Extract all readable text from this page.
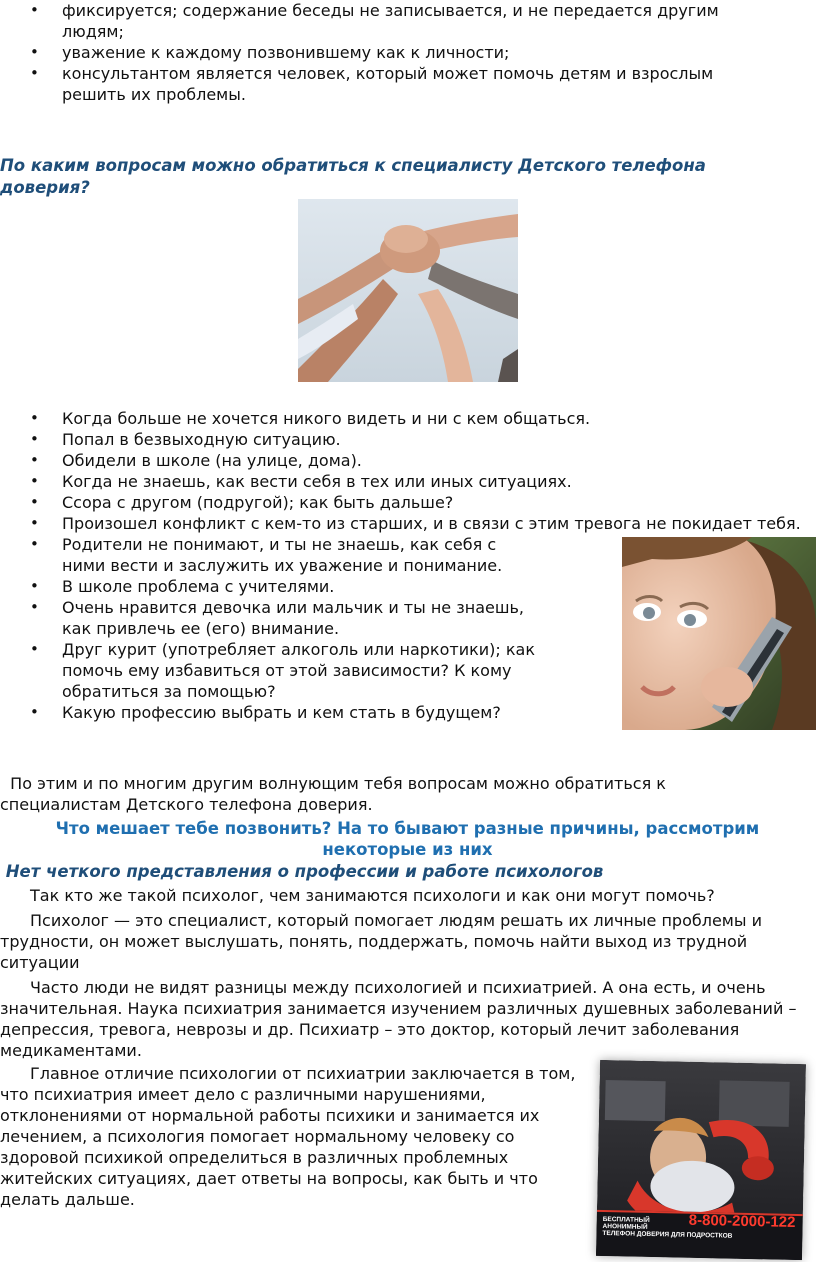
• фиксируется; содержание беседы не записывается, и не передается другим людям;
• уважение к каждому позвонившему как к личности;
• консультантом является человек, который может помочь детям и взрослым решить их проблемы.
По каким вопросам можно обратиться к специалисту Детского телефона доверия?
• Когда больше не хочется никого видеть и ни с кем общаться.
• Попал в безвыходную ситуацию.
• Обидели в школе (на улице, дома).
• Когда не знаешь, как вести себя в тех или иных ситуациях.
• Ссора с другом (подругой); как быть дальше?
• Произошел конфликт с кем-то из старших, и в связи с этим тревога не покидает тебя.
• Родители не понимают, и ты не знаешь, как себя с ними вести и заслужить их уважение и понимание.
• В школе проблема с учителями.
• Очень нравится девочка или мальчик и ты не знаешь, как привлечь ее (его) внимание.
• Друг курит (употребляет алкоголь или наркотики); как помочь ему избавиться от этой зависимости? К кому обратиться за помощью?
• Какую профессию выбрать и кем стать в будущем?
По этим и по многим другим волнующим тебя вопросам можно обратиться к специалистам Детского телефона доверия.
Что мешает тебе позвонить? На то бывают разные причины, рассмотрим некоторые из них
Нет четкого представления о профессии и работе психологов

Так кто же такой психолог, чем занимаются психологи и как они могут помочь?

Психолог — это специалист, который помогает людям решать их личные проблемы и трудности, он может выслушать, понять, поддержать, помочь найти выход из трудной ситуации

Часто люди не видят разницы между психологией и психиатрией. А она есть, и очень значительная. Наука психиатрия занимается изучением различных душевных заболеваний – депрессия, тревога, неврозы и др. Психиатр – это доктор, который лечит заболевания медикаментами.

Главное отличие психологии от психиатрии заключается в том, что психиатрия имеет дело с различными нарушениями, отклонениями от нормальной работы психики и занимается их лечением, а психология помогает нормальному человеку со здоровой психикой определиться в различных проблемных житейских ситуациях, дает ответы на вопросы, как быть и что делать дальше.

БЕСПЛАТНЫЙ
АНОНИМНЫЙ
ТЕЛЕФОН ДОВЕРИЯ ДЛЯ ПОДРОСТКОВ
8-800-2000-122
